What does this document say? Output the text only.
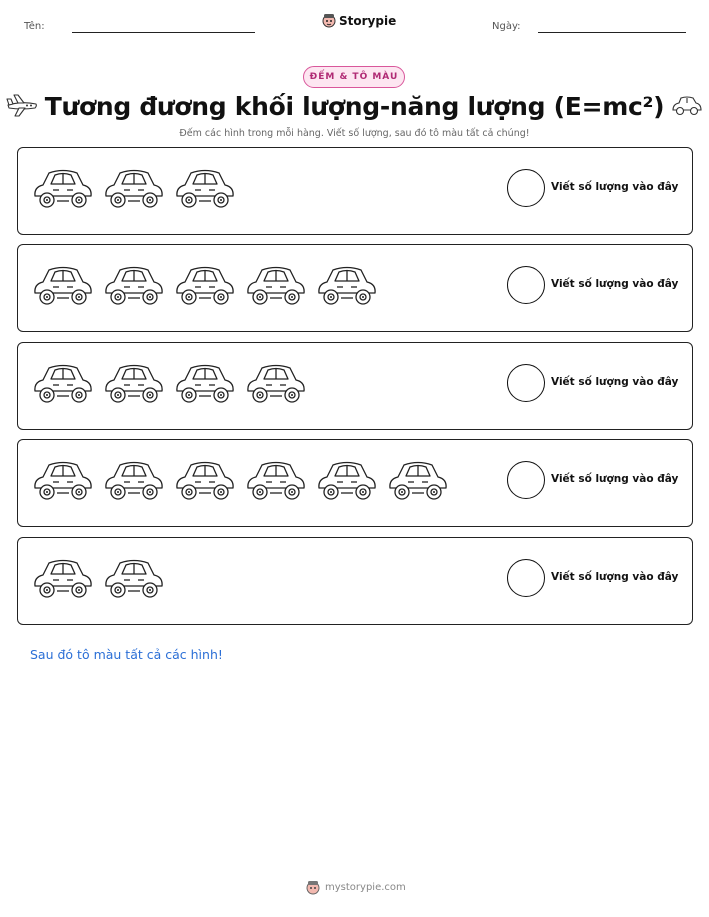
Tên:	Storypie	Ngày:
ĐẾM & TÔ MÀU
Tương đương khối lượng-năng lượng (E=mc²)
Đếm các hình trong mỗi hàng. Viết số lượng, sau đó tô màu tất cả chúng!
Viết số lượng vào đây
Viết số lượng vào đây
Viết số lượng vào đây
Viết số lượng vào đây
Viết số lượng vào đây
Sau đó tô màu tất cả các hình!
mystorypie.com
